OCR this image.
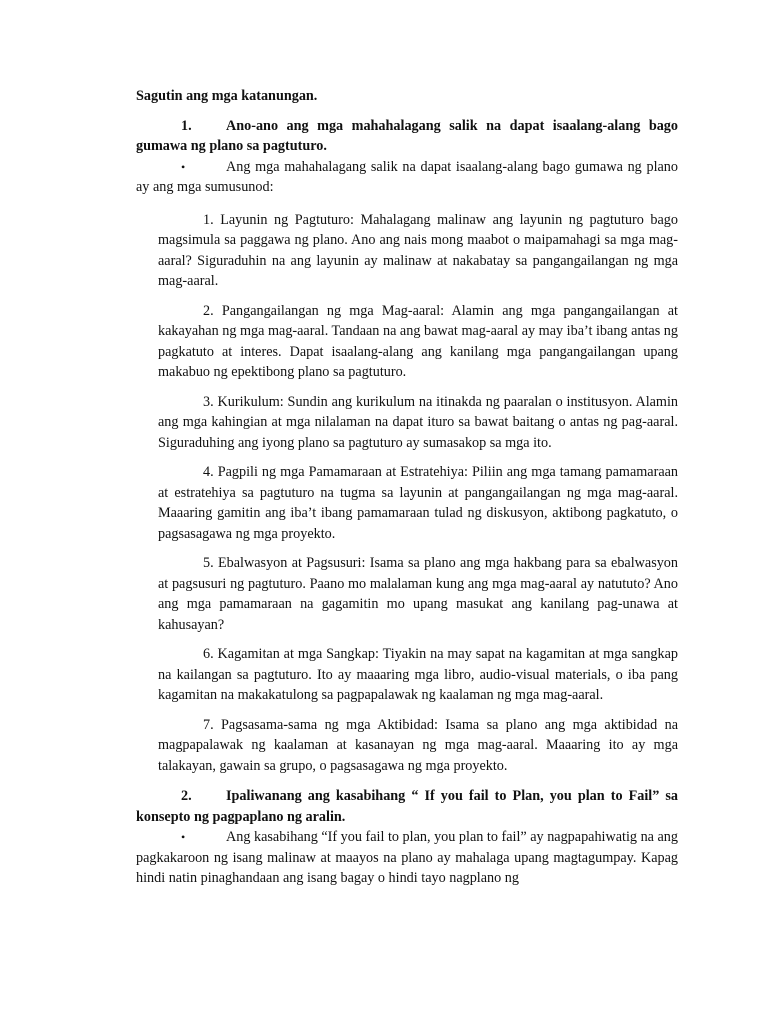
Sagutin ang mga katanungan.

1. Ano-ano ang mga mahahalagang salik na dapat isaalang-alang bago gumawa ng plano sa pagtuturo.

•	Ang mga mahahalagang salik na dapat isaalang-alang bago gumawa ng plano ay ang mga sumusunod:

1. Layunin ng Pagtuturo: Mahalagang malinaw ang layunin ng pagtuturo bago magsimula sa paggawa ng plano. Ano ang nais mong maabot o maipamahagi sa mga mag-aaral? Siguraduhin na ang layunin ay malinaw at nakabatay sa pangangailangan ng mga mag-aaral.
2. Pangangailangan ng mga Mag-aaral: Alamin ang mga pangangailangan at kakayahan ng mga mag-aaral. Tandaan na ang bawat mag-aaral ay may iba’t ibang antas ng pagkatuto at interes. Dapat isaalang-alang ang kanilang mga pangangailangan upang makabuo ng epektibong plano sa pagtuturo.
3. Kurikulum: Sundin ang kurikulum na itinakda ng paaralan o institusyon. Alamin ang mga kahingian at mga nilalaman na dapat ituro sa bawat baitang o antas ng pag-aaral. Siguraduhing ang iyong plano sa pagtuturo ay sumasakop sa mga ito.
4. Pagpili ng mga Pamamaraan at Estratehiya: Piliin ang mga tamang pamamaraan at estratehiya sa pagtuturo na tugma sa layunin at pangangailangan ng mga mag-aaral. Maaaring gamitin ang iba’t ibang pamamaraan tulad ng diskusyon, aktibong pagkatuto, o pagsasagawa ng mga proyekto.
5. Ebalwasyon at Pagsusuri: Isama sa plano ang mga hakbang para sa ebalwasyon at pagsusuri ng pagtuturo. Paano mo malalaman kung ang mga mag-aaral ay natututo? Ano ang mga pamamaraan na gagamitin mo upang masukat ang kanilang pag-unawa at kahusayan?
6. Kagamitan at mga Sangkap: Tiyakin na may sapat na kagamitan at mga sangkap na kailangan sa pagtuturo. Ito ay maaaring mga libro, audio-visual materials, o iba pang kagamitan na makakatulong sa pagpapalawak ng kaalaman ng mga mag-aaral.
7. Pagsasama-sama ng mga Aktibidad: Isama sa plano ang mga aktibidad na magpapalawak ng kaalaman at kasanayan ng mga mag-aaral. Maaaring ito ay mga talakayan, gawain sa grupo, o pagsasagawa ng mga proyekto.

2. Ipaliwanang ang kasabihang “ If you fail to Plan, you plan to Fail” sa konsepto ng pagpaplano ng aralin.

•	Ang kasabihang “If you fail to plan, you plan to fail” ay nagpapahiwatig na ang pagkakaroon ng isang malinaw at maayos na plano ay mahalaga upang magtagumpay. Kapag hindi natin pinaghandaan ang isang bagay o hindi tayo nagplano ng
